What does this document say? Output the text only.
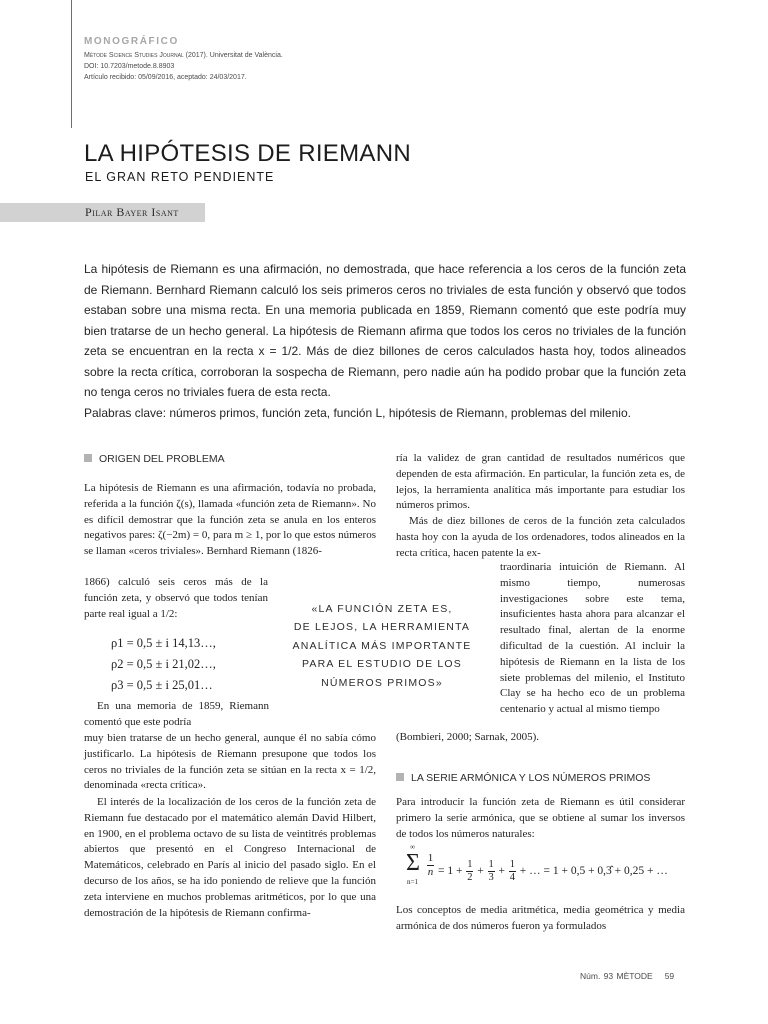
MONOGRÁFICO
Mètode Science Studies Journal (2017). Universitat de València.
DOI: 10.7203/metode.8.8903
Artículo recibido: 05/09/2016, aceptado: 24/03/2017.
LA HIPÓTESIS DE RIEMANN
EL GRAN RETO PENDIENTE
Pilar Bayer Isant

La hipótesis de Riemann es una afirmación, no demostrada, que hace referencia a los ceros de la función zeta de Riemann. Bernhard Riemann calculó los seis primeros ceros no triviales de esta función y observó que todos estaban sobre una misma recta. En una memoria publicada en 1859, Riemann comentó que este podría muy bien tratarse de un hecho general. La hipótesis de Riemann afirma que todos los ceros no triviales de la función zeta se encuentran en la recta x = 1/2. Más de diez billones de ceros calculados hasta hoy, todos alineados sobre la recta crítica, corroboran la sospecha de Riemann, pero nadie aún ha podido probar que la función zeta no tenga ceros no triviales fuera de esta recta.

Palabras clave: números primos, función zeta, función L, hipótesis de Riemann, problemas del milenio.

ORIGEN DEL PROBLEMA

La hipótesis de Riemann es una afirmación, todavía no probada, referida a la función ζ(s), llamada «función zeta de Riemann». No es difícil demostrar que la función zeta se anula en los enteros negativos pares: ζ(−2m) = 0, para m ≥ 1, por lo que estos números se llaman «ceros triviales». Bernhard Riemann (1826-

1866) calculó seis ceros más de la función zeta, y observó que todos tenían parte real igual a 1/2:

ρ1 = 0,5 ± i 14,13…,
ρ2 = 0,5 ± i 21,02…,
ρ3 = 0,5 ± i 25,01…

En una memoria de 1859, Riemann comentó que este podría

muy bien tratarse de un hecho general, aunque él no sabía cómo justificarlo. La hipótesis de Riemann presupone que todos los ceros no triviales de la función zeta se sitúan en la recta x = 1/2, denominada «recta crítica».

El interés de la localización de los ceros de la función zeta de Riemann fue destacado por el matemático alemán David Hilbert, en 1900, en el problema octavo de su lista de veintitrés problemas abiertos que presentó en el Congreso Internacional de Matemáticos, celebrado en París al inicio del pasado siglo. En el decurso de los años, se ha ido poniendo de relieve que la función zeta interviene en muchos problemas aritméticos, por lo que una demostración de la hipótesis de Riemann confirma-

«LA FUNCIÓN ZETA ES,
DE LEJOS, LA HERRAMIENTA
ANALÍTICA MÁS IMPORTANTE
PARA EL ESTUDIO DE LOS
NÚMEROS PRIMOS»

ría la validez de gran cantidad de resultados numéricos que dependen de esta afirmación. En particular, la función zeta es, de lejos, la herramienta analítica más importante para estudiar los números primos.

Más de diez billones de ceros de la función zeta calculados hasta hoy con la ayuda de los ordenadores, todos alineados en la recta crítica, hacen patente la ex-

traordinaria intuición de Riemann. Al mismo tiempo, numerosas investigaciones sobre este tema, insuficientes hasta ahora para alcanzar el resultado final, alertan de la enorme dificultad de la cuestión. Al incluir la hipótesis de Riemann en la lista de los siete problemas del milenio, el Instituto Clay se ha hecho eco de un problema centenario y actual al mismo tiempo

(Bombieri, 2000; Sarnak, 2005).

LA SERIE ARMÓNICA Y LOS NÚMEROS PRIMOS

Para introducir la función zeta de Riemann es útil considerar primero la serie armónica, que se obtiene al sumar los inversos de todos los números naturales:

∞
Σ
n=1
1
$n = 1 + \frac{1}{2} + \frac{1}{3} + \frac{1}{4}$ + … = 1 + 0,5 + 0,3̂ + 0,25 + …

Los conceptos de media aritmética, media geométrica y media armónica de dos números fueron ya formulados

Núm. 93 MÈTODE 59
